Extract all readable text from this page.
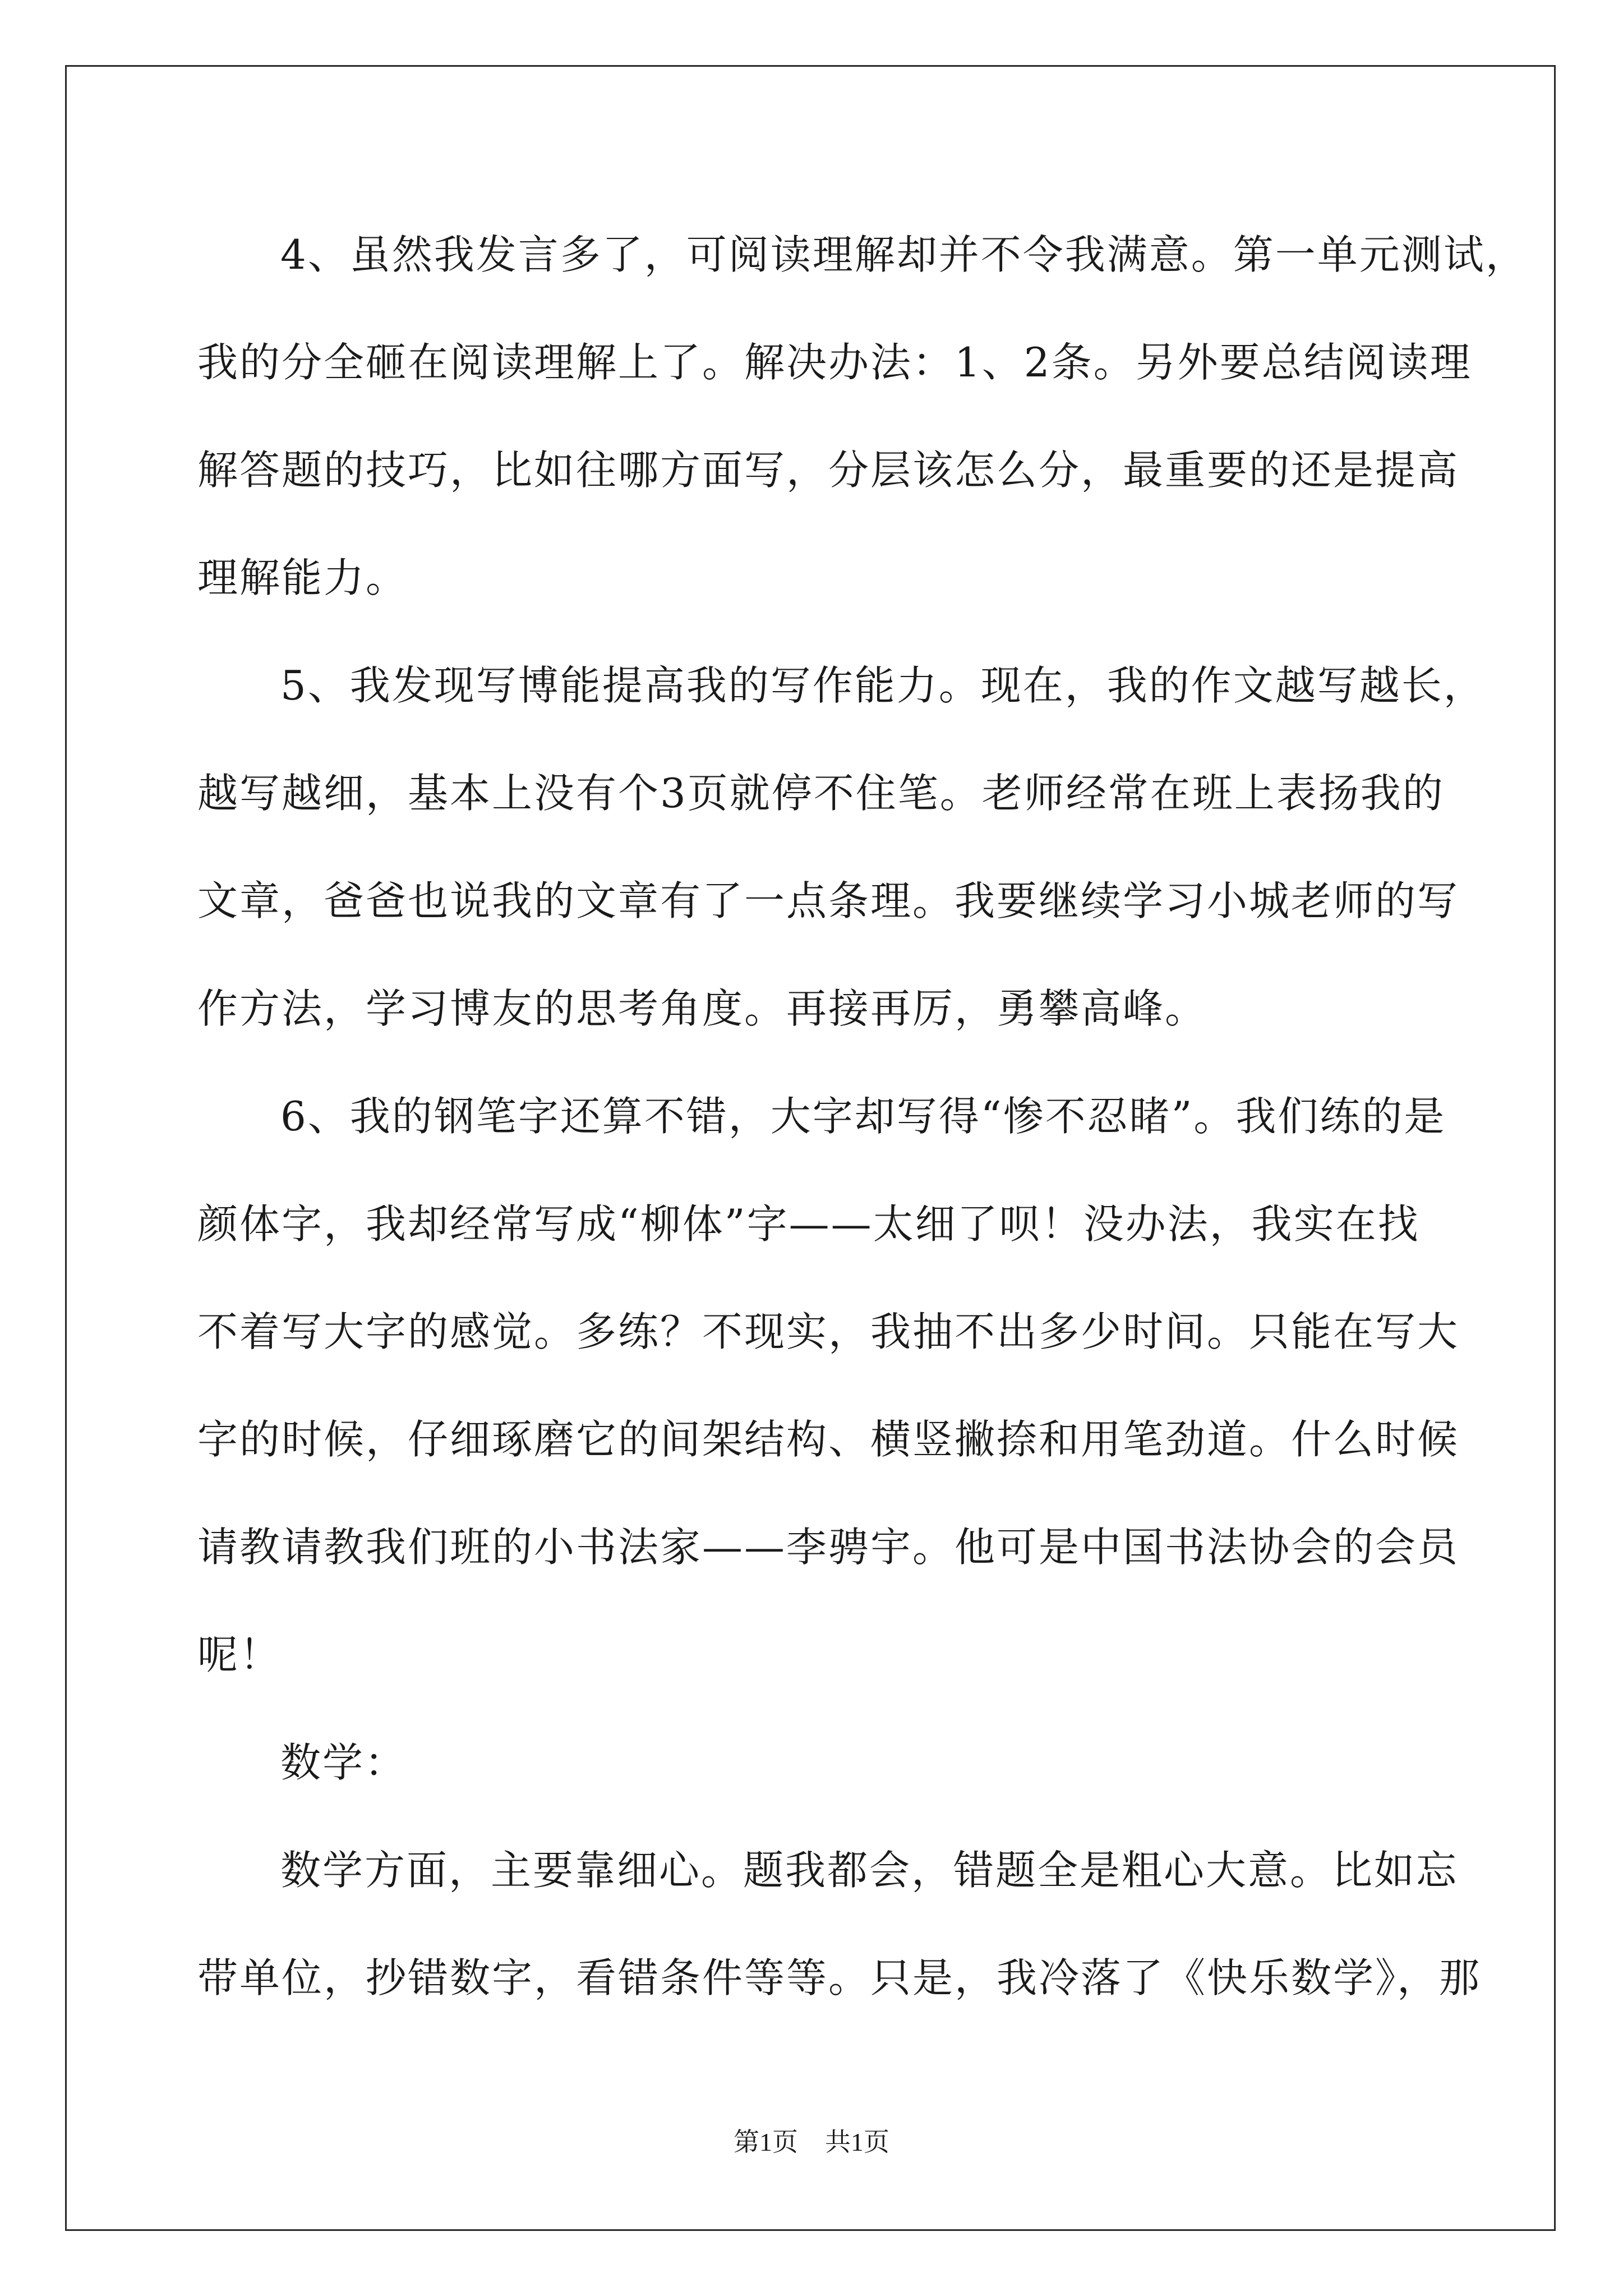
4、虽然我发言多了，可阅读理解却并不令我满意。第一单元测试，
我的分全砸在阅读理解上了。解决办法：1、2条。另外要总结阅读理
解答题的技巧，比如往哪方面写，分层该怎么分，最重要的还是提高
理解能力。
5、我发现写博能提高我的写作能力。现在，我的作文越写越长，
越写越细，基本上没有个3页就停不住笔。老师经常在班上表扬我的
文章，爸爸也说我的文章有了一点条理。我要继续学习小城老师的写
作方法，学习博友的思考角度。再接再厉，勇攀高峰。
6、我的钢笔字还算不错，大字却写得“惨不忍睹”。我们练的是
颜体字，我却经常写成“柳体”字——太细了呗！没办法，我实在找
不着写大字的感觉。多练？不现实，我抽不出多少时间。只能在写大
字的时候，仔细琢磨它的间架结构、横竖撇捺和用笔劲道。什么时候
请教请教我们班的小书法家——李骋宇。他可是中国书法协会的会员
呢！
数学：
数学方面，主要靠细心。题我都会，错题全是粗心大意。比如忘
带单位，抄错数字，看错条件等等。只是，我冷落了《快乐数学》，那
第1页 共1页
